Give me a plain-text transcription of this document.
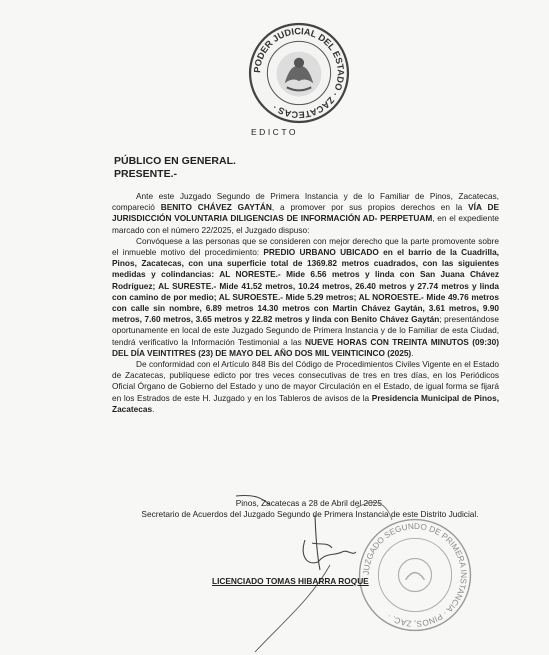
PODER JUDICIAL DEL ESTADO · ZACATECAS ·
EDICTO
PÚBLICO EN GENERAL.
PRESENTE.-

Ante este Juzgado Segundo de Primera Instancia y de lo Familiar de Pinos, Zacatecas, compareció BENITO CHÁVEZ GAYTÁN, a promover por sus propios derechos en la VÍA DE JURISDICCIÓN VOLUNTARIA DILIGENCIAS DE INFORMACIÓN AD- PERPETUAM, en el expediente marcado con el número 22/2025, el Juzgado dispuso:

Convóquese a las personas que se consideren con mejor derecho que la parte promovente sobre el inmueble motivo del procedimiento: PREDIO URBANO UBICADO en el barrio de la Cuadrilla, Pinos, Zacatecas, con una superficie total de 1369.82 metros cuadrados, con las siguientes medidas y colindancias: AL NORESTE.- Mide 6.56 metros y linda con San Juana Chávez Rodríguez; AL SURESTE.- Mide 41.52 metros, 10.24 metros, 26.40 metros y 27.74 metros y linda con camino de por medio; AL SUROESTE.- Mide 5.29 metros; AL NOROESTE.- Mide 49.76 metros con calle sin nombre, 6.89 metros 14.30 metros con Martin Chávez Gaytán, 3.61 metros, 9.90 metros, 7.60 metros, 3.65 metros y 22.82 metros y linda con Benito Chávez Gaytán; presentándose oportunamente en local de este Juzgado Segundo de Primera Instancia y de lo Familiar de esta Ciudad, tendrá verificativo la Información Testimonial a las NUEVE HORAS CON TREINTA MINUTOS (09:30) DEL DÍA VEINTITRES (23) DE MAYO DEL AÑO DOS MIL VEINTICINCO (2025).

De conformidad con el Artículo 848 Bis del Código de Procedimientos Civiles Vigente en el Estado de Zacatecas, publíquese edicto por tres veces consecutivas de tres en tres días, en los Periódicos Oficial Órgano de Gobierno del Estado y uno de mayor Circulación en el Estado, de igual forma se fijará en los Estrados de este H. Juzgado y en los Tableros de avisos de la Presidencia Municipal de Pinos, Zacatecas.

Pinos, Zacatecas a 28 de Abril del 2025.
Secretario de Acuerdos del Juzgado Segundo de Primera Instancia de este Distrito Judicial.
JUZGADO SEGUNDO DE PRIMERA INSTANCIA · PINOS, ZAC. ·
LICENCIADO TOMAS HIBARRA ROQUE
